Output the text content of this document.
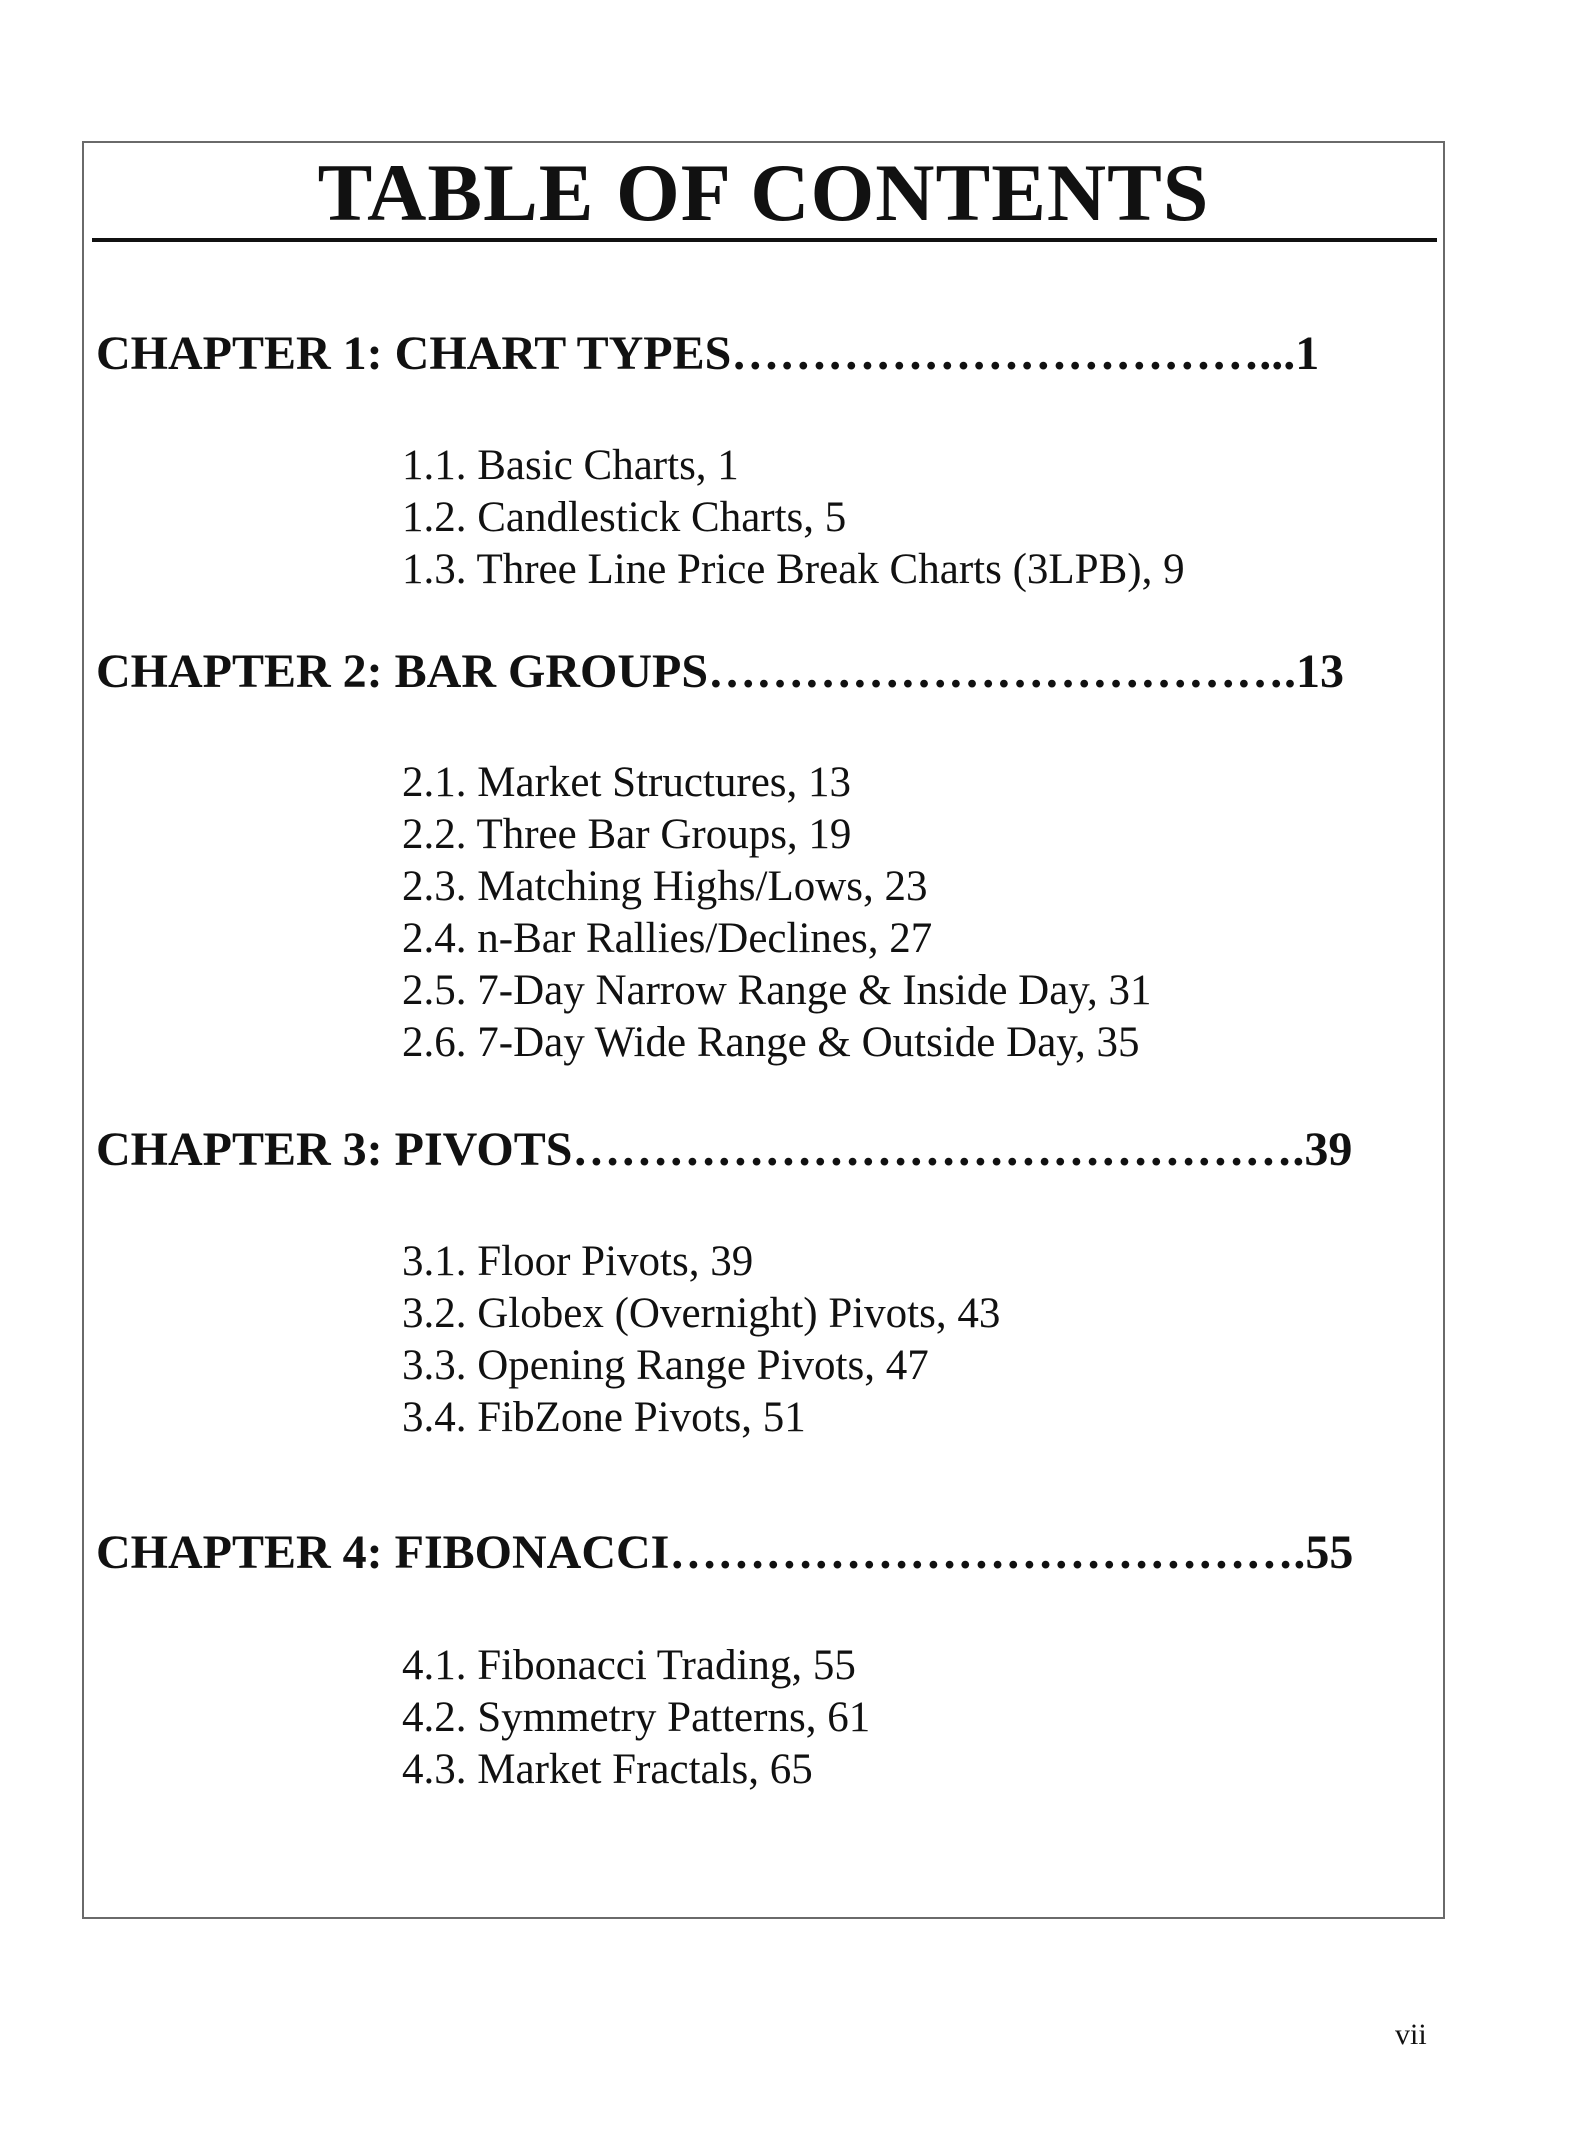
TABLE OF CONTENTS
CHAPTER 1: CHART TYPES……………………………...1
1.1. Basic Charts, 1
1.2. Candlestick Charts, 5
1.3. Three Line Price Break Charts (3LPB), 9
CHAPTER 2: BAR GROUPS……………………………….13
2.1. Market Structures, 13
2.2. Three Bar Groups, 19
2.3. Matching Highs/Lows, 23
2.4. n-Bar Rallies/Declines, 27
2.5. 7-Day Narrow Range & Inside Day, 31
2.6. 7-Day Wide Range & Outside Day, 35
CHAPTER 3: PIVOTS……………………………………….39
3.1. Floor Pivots, 39
3.2. Globex (Overnight) Pivots, 43
3.3. Opening Range Pivots, 47
3.4. FibZone Pivots, 51
CHAPTER 4: FIBONACCI………………………………….55
4.1. Fibonacci Trading, 55
4.2. Symmetry Patterns, 61
4.3. Market Fractals, 65
vii
